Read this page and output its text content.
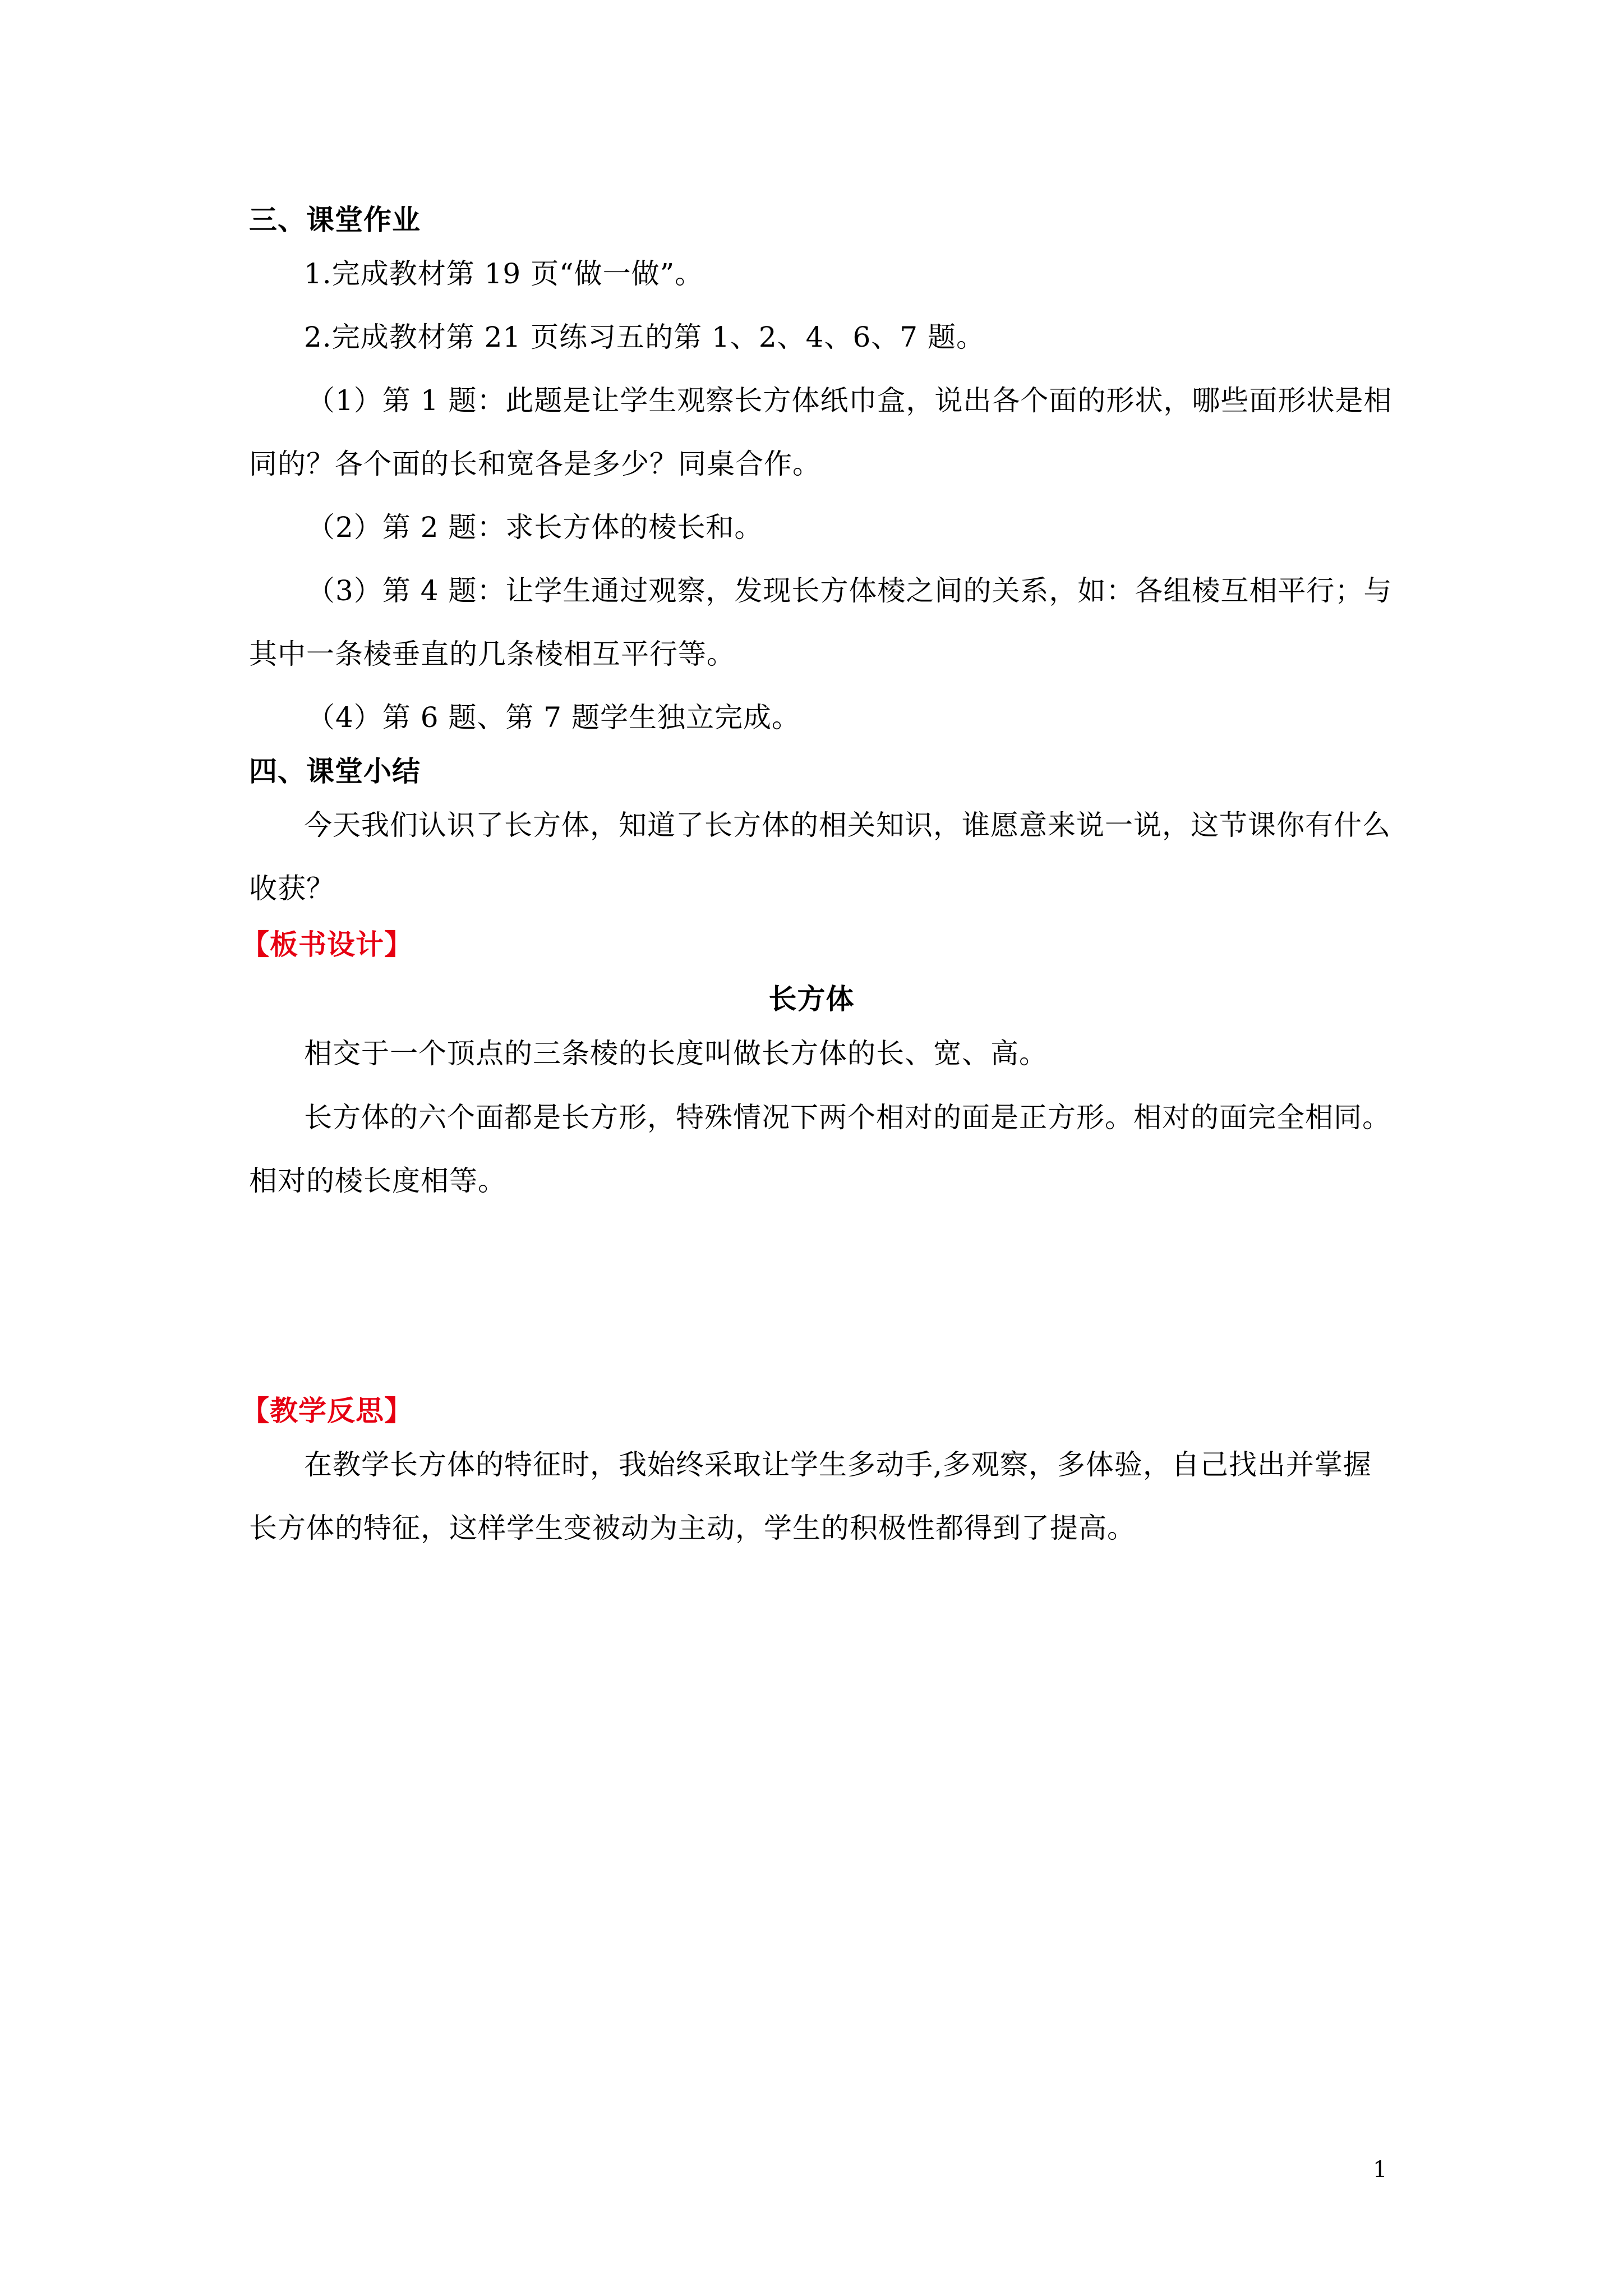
三、课堂作业
1.完成教材第 19 页“做一做”。
2.完成教材第 21 页练习五的第 1、2、4、6、7 题。
（1）第 1 题：此题是让学生观察长方体纸巾盒，说出各个面的形状，哪些面形状是相
同的？各个面的长和宽各是多少？同桌合作。
（2）第 2 题：求长方体的棱长和。
（3）第 4 题：让学生通过观察，发现长方体棱之间的关系，如：各组棱互相平行；与
其中一条棱垂直的几条棱相互平行等。
（4）第 6 题、第 7 题学生独立完成。
四、课堂小结
今天我们认识了长方体，知道了长方体的相关知识，谁愿意来说一说，这节课你有什么
收获？
【板书设计】
长方体
相交于一个顶点的三条棱的长度叫做长方体的长、宽、高。
长方体的六个面都是长方形，特殊情况下两个相对的面是正方形。相对的面完全相同。
相对的棱长度相等。
【教学反思】
在教学长方体的特征时，我始终采取让学生多动手,多观察，多体验，自己找出并掌握
长方体的特征，这样学生变被动为主动，学生的积极性都得到了提高。
1
